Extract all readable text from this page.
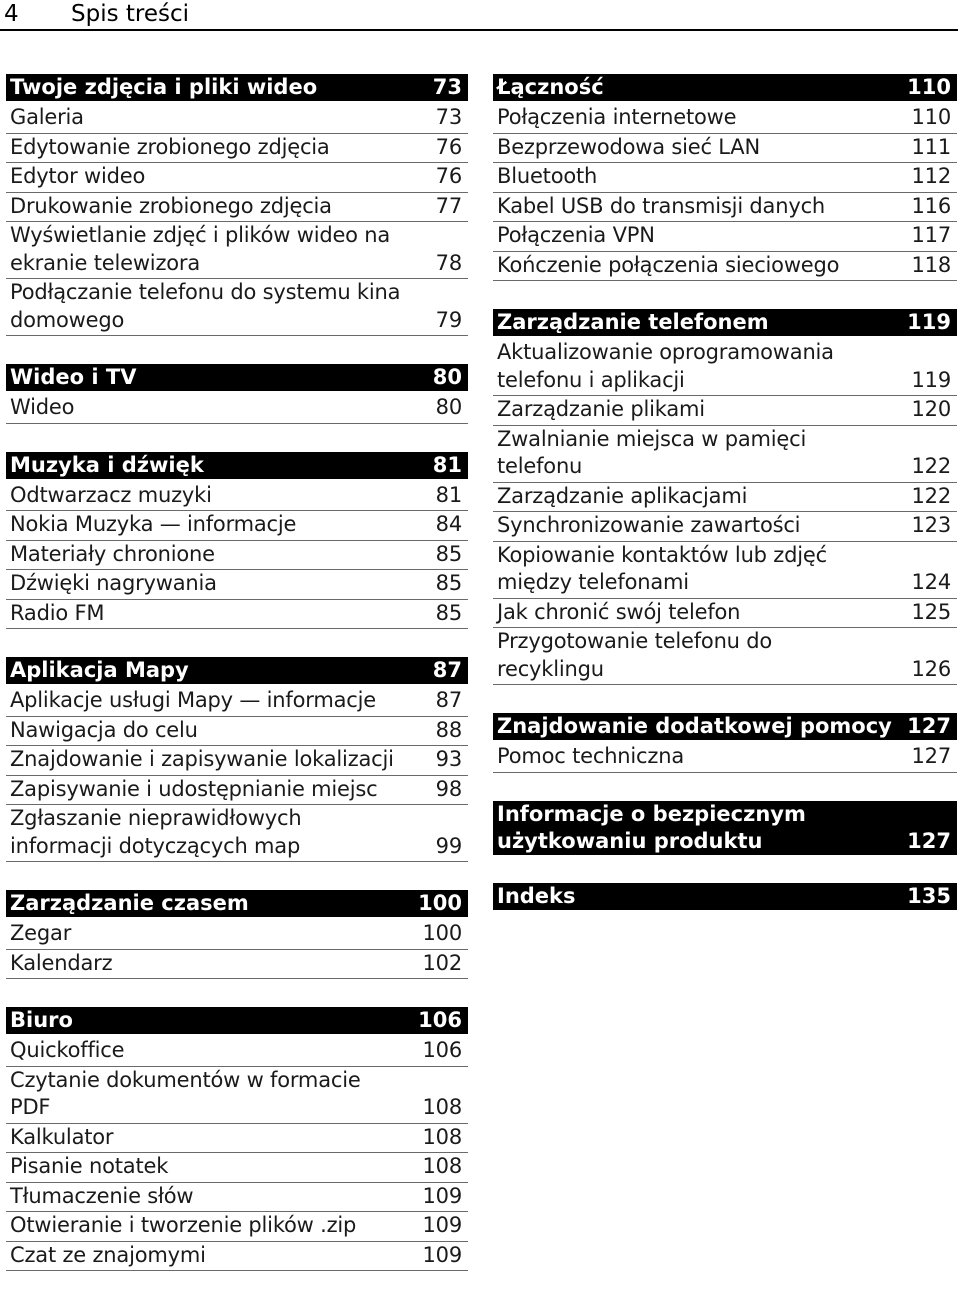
4 Spis treści
Twoje zdjęcia i pliki wideo	73
Galeria	73
Edytowanie zrobionego zdjęcia	76
Edytor wideo	76
Drukowanie zrobionego zdjęcia	77
Wyświetlanie zdjęć i plików wideo na
ekranie telewizora	78
Podłączanie telefonu do systemu kina
domowego	79
Wideo i TV	80
Wideo	80
Muzyka i dźwięk	81
Odtwarzacz muzyki	81
Nokia Muzyka — informacje	84
Materiały chronione	85
Dźwięki nagrywania	85
Radio FM	85
Aplikacja Mapy	87
Aplikacje usługi Mapy — informacje	87
Nawigacja do celu	88
Znajdowanie i zapisywanie lokalizacji	93
Zapisywanie i udostępnianie miejsc	98
Zgłaszanie nieprawidłowych
informacji dotyczących map	99
Zarządzanie czasem	100
Zegar	100
Kalendarz	102
Biuro	106
Quickoffice	106
Czytanie dokumentów w formacie
PDF	108
Kalkulator	108
Pisanie notatek	108
Tłumaczenie słów	109
Otwieranie i tworzenie plików .zip	109
Czat ze znajomymi	109
Łączność	110
Połączenia internetowe	110
Bezprzewodowa sieć LAN	111
Bluetooth	112
Kabel USB do transmisji danych	116
Połączenia VPN	117
Kończenie połączenia sieciowego	118
Zarządzanie telefonem	119
Aktualizowanie oprogramowania
telefonu i aplikacji	119
Zarządzanie plikami	120
Zwalnianie miejsca w pamięci
telefonu	122
Zarządzanie aplikacjami	122
Synchronizowanie zawartości	123
Kopiowanie kontaktów lub zdjęć
między telefonami	124
Jak chronić swój telefon	125
Przygotowanie telefonu do
recyklingu	126
Znajdowanie dodatkowej pomocy 127
Pomoc techniczna	127
Informacje o bezpiecznym
użytkowaniu produktu	127
Indeks	135
